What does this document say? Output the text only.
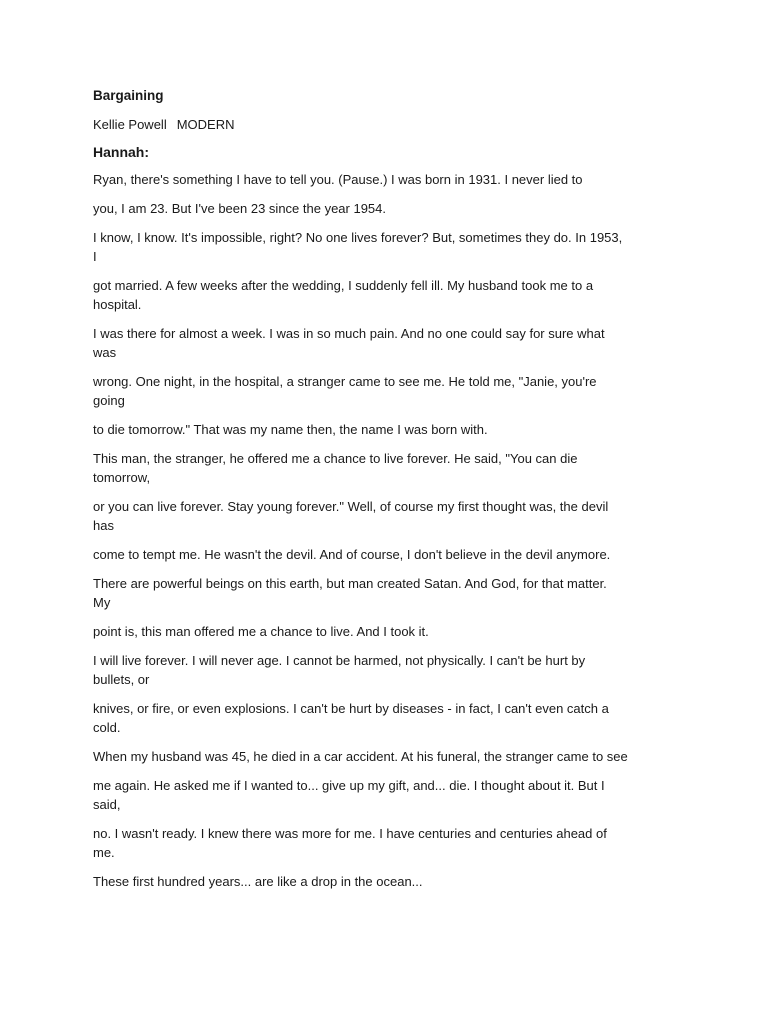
Bargaining
Kellie Powell MODERN
Hannah:

Ryan, there's something I have to tell you. (Pause.) I was born in 1931. I never lied to

you, I am 23. But I've been 23 since the year 1954.

I know, I know. It's impossible, right? No one lives forever? But, sometimes they do. In 1953,
I

got married. A few weeks after the wedding, I suddenly fell ill. My husband took me to a
hospital.

I was there for almost a week. I was in so much pain. And no one could say for sure what
was

wrong. One night, in the hospital, a stranger came to see me. He told me, "Janie, you're
going

to die tomorrow." That was my name then, the name I was born with.

This man, the stranger, he offered me a chance to live forever. He said, "You can die
tomorrow,

or you can live forever. Stay young forever." Well, of course my first thought was, the devil
has

come to tempt me. He wasn't the devil. And of course, I don't believe in the devil anymore.

There are powerful beings on this earth, but man created Satan. And God, for that matter.
My

point is, this man offered me a chance to live. And I took it.

I will live forever. I will never age. I cannot be harmed, not physically. I can't be hurt by
bullets, or

knives, or fire, or even explosions. I can't be hurt by diseases - in fact, I can't even catch a
cold.

When my husband was 45, he died in a car accident. At his funeral, the stranger came to see

me again. He asked me if I wanted to... give up my gift, and... die. I thought about it. But I
said,

no. I wasn't ready. I knew there was more for me. I have centuries and centuries ahead of
me.

These first hundred years... are like a drop in the ocean...
